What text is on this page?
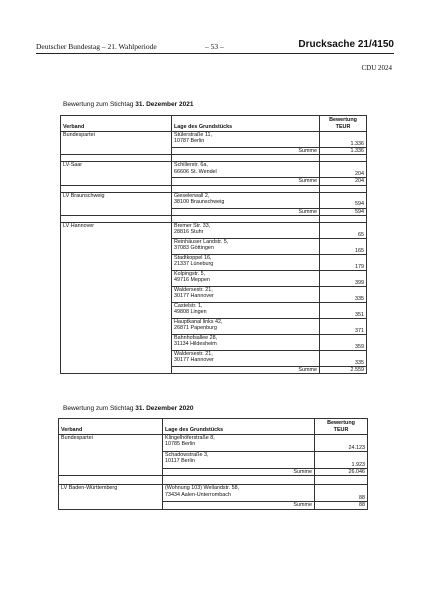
Deutscher Bundestag – 21. Wahlperiode	– 53 –	Drucksache 21/4150
CDU 2024
Bewertung zum Stichtag 31. Dezember 2021
Verband	Lage des Grundstücks	Bewertung
TEUR
Bundespartei	Stülerstraße 11,
10787 Berlin	1.336
	Summe	1.336

LV-Saar	Schillerstr. 6a,
66606 St. Wendel	204
	Summe	204

LV Braunschweig	Gieselerwall 2,
38100 Braunschweig	594
	Summe	594

LV Hannover	Bremer Str. 33,
28816 Stuhr	65
	Reinhäuser Landstr. 5,
37083 Göttingen	165
	Stadtkoppel 16,
21337 Lüneburg	179
	Kolpingstr. 5,
49716 Meppen	399
	Waldersestr. 21,
30177 Hannover	335
	Castelstr. 1,
49808 Lingen	351
	Hauptkanal links 42,
26871 Papenburg	371
	Bahnhofsallee 28,
31134 Hildesheim	359
	Waldersestr. 21,
30177 Hannover	335
	Summe	2.559
Bewertung zum Stichtag 31. Dezember 2020
Verband	Lage des Grundstücks	Bewertung
TEUR
Bundespartei	Klingelhöferstraße 8,
10785 Berlin	24.123
	Schadowstraße 3,
10117 Berlin	1.923
	Summe	26.046

LV Baden-Württemberg	(Wohnung 103) Wellandstr. 58,
73434 Aalen-Unterrombach	88
	Summe	88
